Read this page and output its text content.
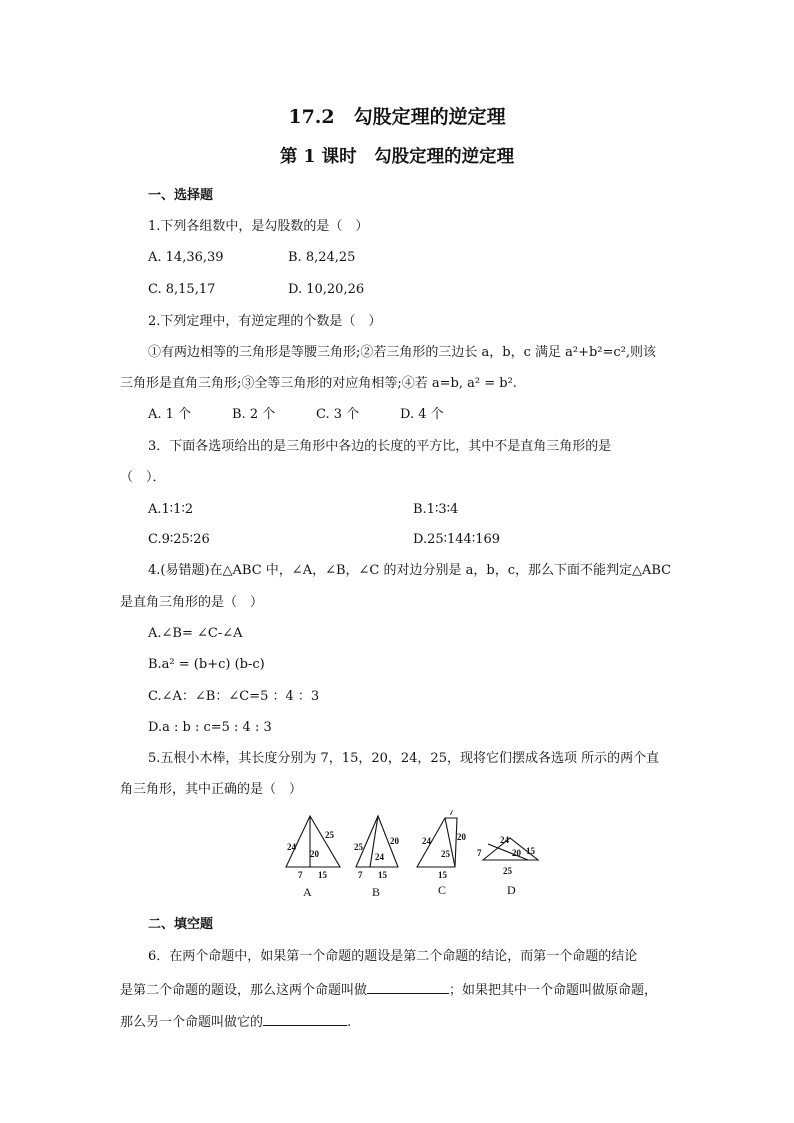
17.2　勾股定理的逆定理
第 1 课时　勾股定理的逆定理
一、选择题
1.下列各组数中，是勾股数的是（　）
A. 14,36,39	B. 8,24,25
C. 8,15,17	D. 10,20,26
2.下列定理中，有逆定理的个数是（　）
①有两边相等的三角形是等腰三角形;②若三角形的三边长 a，b，c 满足 a²+b²=c²,则该
三角形是直角三角形;③全等三角形的对应角相等;④若 a=b, a² = b².
A. 1 个	B. 2 个	C. 3 个	D. 4 个
3．下面各选项给出的是三角形中各边的长度的平方比，其中不是直角三角形的是
（　）．
A.1∶1∶2	B.1∶3∶4
C.9∶25∶26	D.25∶144∶169
4.(易错题)在△ABC 中，∠A，∠B，∠C 的对边分别是 a，b，c，那么下面不能判定△ABC
是直角三角形的是（　）
A.∠B= ∠C-∠A
B.a² = (b+c) (b-c)
C.∠A：∠B：∠C=5 ：4 ：3
D.a : b : c=5 : 4 : 3
5.五根小木棒，其长度分别为 7，15，20，24，25，现将它们摆成各选项 所示的两个直
角三角形，其中正确的是（　）
24
25
20
7 15
25
20
24
7 15
7
24	20
25
15
24
7	20 15
25
A	B	C	D
二、填空题
6．在两个命题中，如果第一个命题的题设是第二个命题的结论，而第一个命题的结论
是第二个命题的题设，那么这两个命题叫做	；如果把其中一个命题叫做原命题，
那么另一个命题叫做它的	.
